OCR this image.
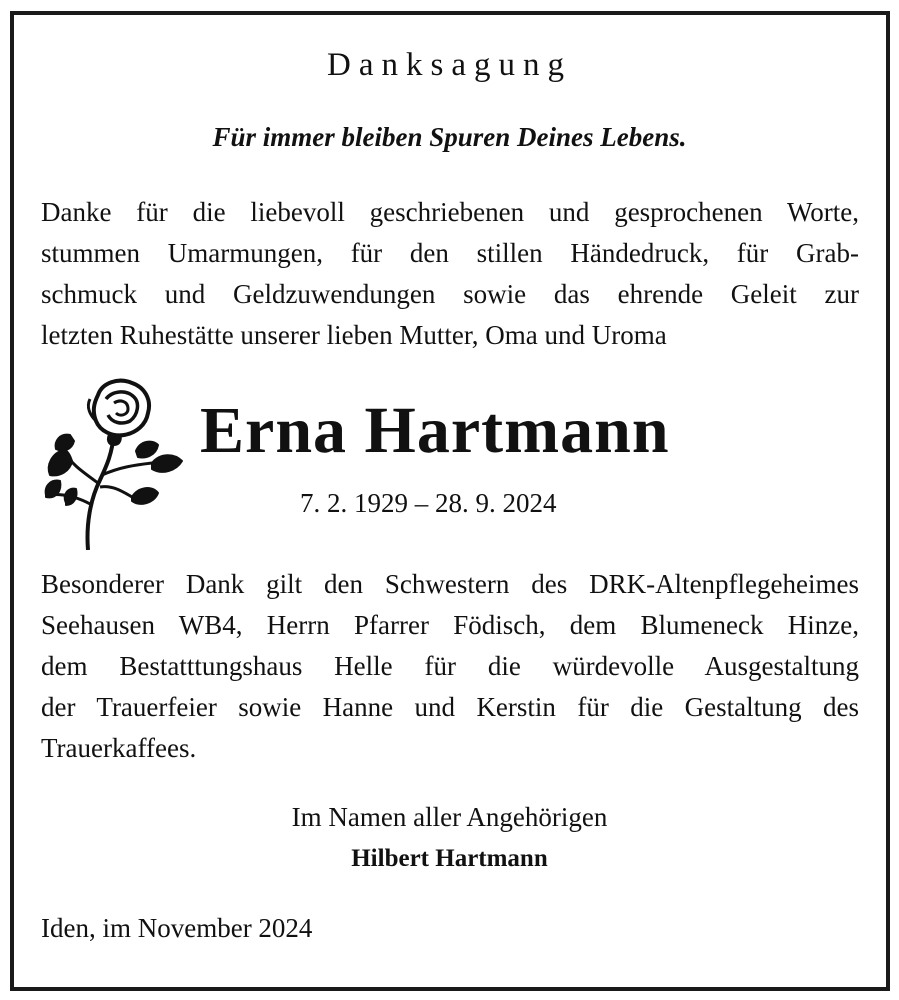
Danksagung
Für immer bleiben Spuren Deines Lebens.

Danke für die liebevoll geschriebenen und gesprochenen Worte,
stummen Umarmungen, für den stillen Händedruck, für Grab-
schmuck und Geldzuwendungen sowie das ehrende Geleit zur
letzten Ruhestätte unserer lieben Mutter, Oma und Uroma

Erna Hartmann
7. 2. 1929 – 28. 9. 2024

Besonderer Dank gilt den Schwestern des DRK-Altenpflegeheimes
Seehausen WB4, Herrn Pfarrer Födisch, dem Blumeneck Hinze,
dem Bestatttungshaus Helle für die würdevolle Ausgestaltung
der Trauerfeier sowie Hanne und Kerstin für die Gestaltung des
Trauerkaffees.

Im Namen aller Angehörigen
Hilbert Hartmann
Iden, im November 2024
